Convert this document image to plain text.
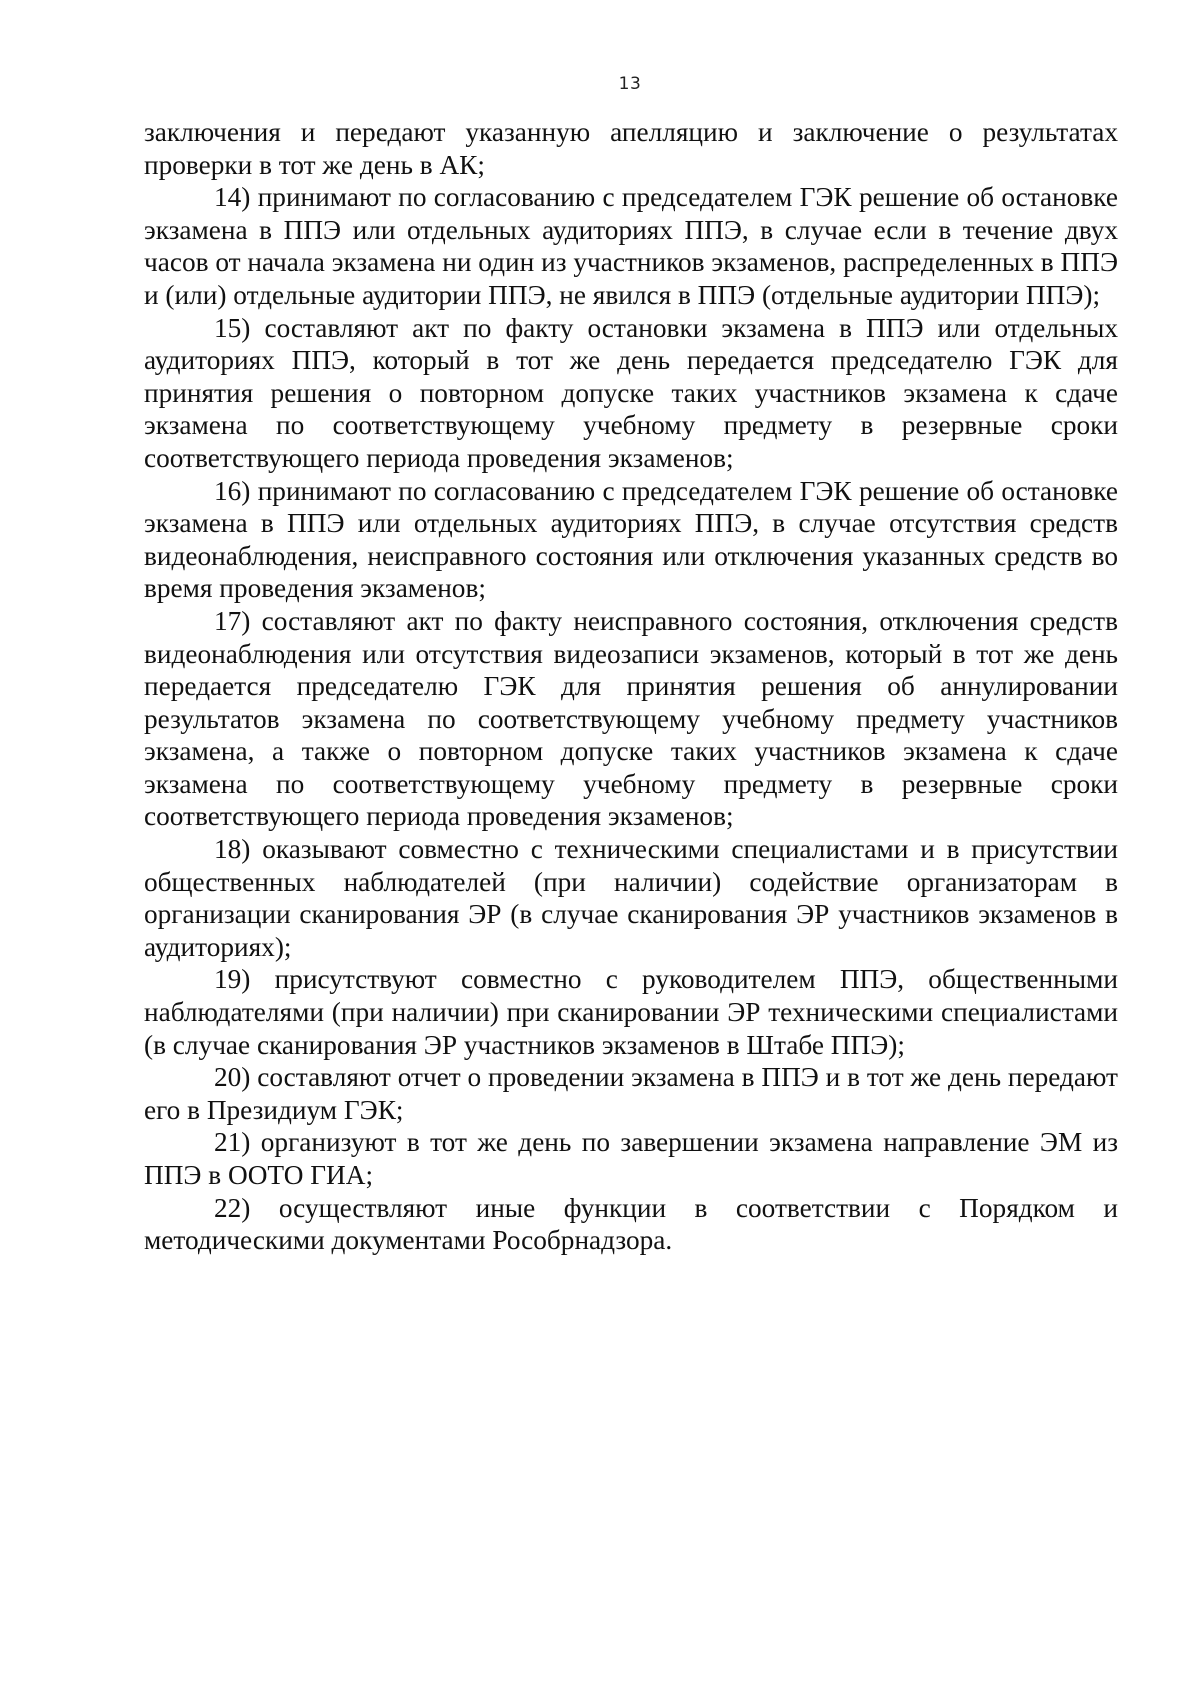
13

заключения и передают указанную апелляцию и заключение о результатах проверки в тот же день в АК;

14) принимают по согласованию с председателем ГЭК решение об остановке экзамена в ППЭ или отдельных аудиториях ППЭ, в случае если в течение двух часов от начала экзамена ни один из участников экзаменов, распределенных в ППЭ и (или) отдельные аудитории ППЭ, не явился в ППЭ (отдельные аудитории ППЭ);

15) составляют акт по факту остановки экзамена в ППЭ или отдельных аудиториях ППЭ, который в тот же день передается председателю ГЭК для принятия решения о повторном допуске таких участников экзамена к сдаче экзамена по соответствующему учебному предмету в резервные сроки соответствующего периода проведения экзаменов;

16) принимают по согласованию с председателем ГЭК решение об остановке экзамена в ППЭ или отдельных аудиториях ППЭ, в случае отсутствия средств видеонаблюдения, неисправного состояния или отключения указанных средств во время проведения экзаменов;

17) составляют акт по факту неисправного состояния, отключения средств видеонаблюдения или отсутствия видеозаписи экзаменов, который в тот же день передается председателю ГЭК для принятия решения об аннулировании результатов экзамена по соответствующему учебному предмету участников экзамена, а также о повторном допуске таких участников экзамена к сдаче экзамена по соответствующему учебному предмету в резервные сроки соответствующего периода проведения экзаменов;

18) оказывают совместно с техническими специалистами и в присутствии общественных наблюдателей (при наличии) содействие организаторам в организации сканирования ЭР (в случае сканирования ЭР участников экзаменов в аудиториях);

19) присутствуют совместно с руководителем ППЭ, общественными наблюдателями (при наличии) при сканировании ЭР техническими специалистами (в случае сканирования ЭР участников экзаменов в Штабе ППЭ);

20) составляют отчет о проведении экзамена в ППЭ и в тот же день передают его в Президиум ГЭК;

21) организуют в тот же день по завершении экзамена направление ЭМ из ППЭ в ООТО ГИА;

22) осуществляют иные функции в соответствии с Порядком и методическими документами Рособрнадзора.
